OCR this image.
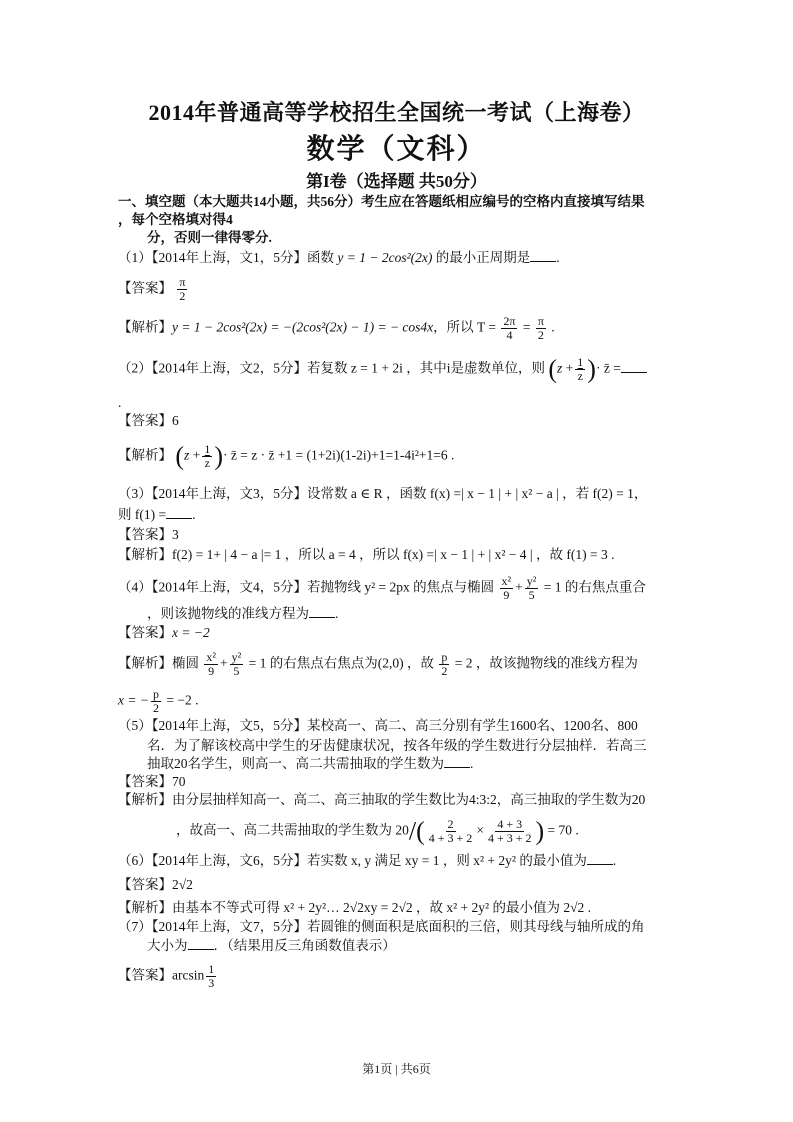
2014年普通高等学校招生全国统一考试（上海卷）
数学（文科）
第I卷（选择题 共50分）
一、填空题（本大题共14小题，共56分）考生应在答题纸相应编号的空格内直接填写结果
，每个空格填对得4
分，否则一律得零分.
（1）【2014年上海，文1，5分】函数 y = 1 − 2cos²(2x) 的最小正周期是 .
【答案】 $\frac{\pi}{2}$
【解析】y = 1 − 2cos²(2x) = −(2cos²(2x) − 1) = − cos4x，所以 $T = \frac{2\pi}{4} = \frac{\pi}{2}$ .
（2）【2014年上海，文2，5分】若复数 z = 1 + 2i ，其中i是虚数单位，则 ($z + \frac{1}{z}$ )· z̄ =
.
【答案】6
【解析】 ($z + \frac{1}{z}$ )· z̄ = z · z̄ +1 = (1+2i)(1-2i)+1=1-4i²+1=6 .
（3）【2014年上海，文3，5分】设常数 a ∈ R ，函数 f(x) =| x − 1 | + | x² − a | ，若 f(2) = 1，
则 f(1) = .
【答案】3
【解析】f(2) = 1+ | 4 − a |= 1 ，所以 a = 4 ，所以 f(x) =| x − 1 | + | x² − 4 | ，故 f(1) = 3 .
（4）【2014年上海，文4，5分】若抛物线 y² = 2px 的焦点与椭圆 $\frac{\text{x²}}{9} + \frac{\text{y²}}{5} = 1$ 的右焦点重合
，则该抛物线的准线方程为 .
【答案】x = −2
【解析】椭圆 $\frac{\text{x²}}{9} + \frac{\text{y²}}{5} = 1$ 的右焦点右焦点为(2,0) ，故 $\frac{p}{2} = 2$ ，故该抛物线的准线方程为
x = − $\frac{p}{2} = -2$ .
（5）【2014年上海，文5，5分】某校高一、高二、高三分别有学生1600名、1200名、800
名．为了解该校高中学生的牙齿健康状况，按各年级的学生数进行分层抽样．若高三
抽取20名学生，则高一、高二共需抽取的学生数为 .
【答案】70
【解析】由分层抽样知高一、高二、高三抽取的学生数比为4:3:2，高三抽取的学生数为20
，故高一、高二共需抽取的学生数为 $20/( \frac{2}{4 + 3 + 2} \times \frac{4 + 3}{4 + 3 + 2}$ ) = 70 .
（6）【2014年上海，文6，5分】若实数 x, y 满足 xy = 1 ，则 x² + 2y² 的最小值为 .
【答案】2√2
【解析】由基本不等式可得 x² + 2y²… 2√2xy = 2√2 ，故 x² + 2y² 的最小值为 2√2 .
（7）【2014年上海，文7，5分】若圆锥的侧面积是底面积的三倍，则其母线与轴所成的角
大小为 ．（结果用反三角函数值表示）
【答案】$\arcsin \frac{1}{3}$
第1页 | 共6页
